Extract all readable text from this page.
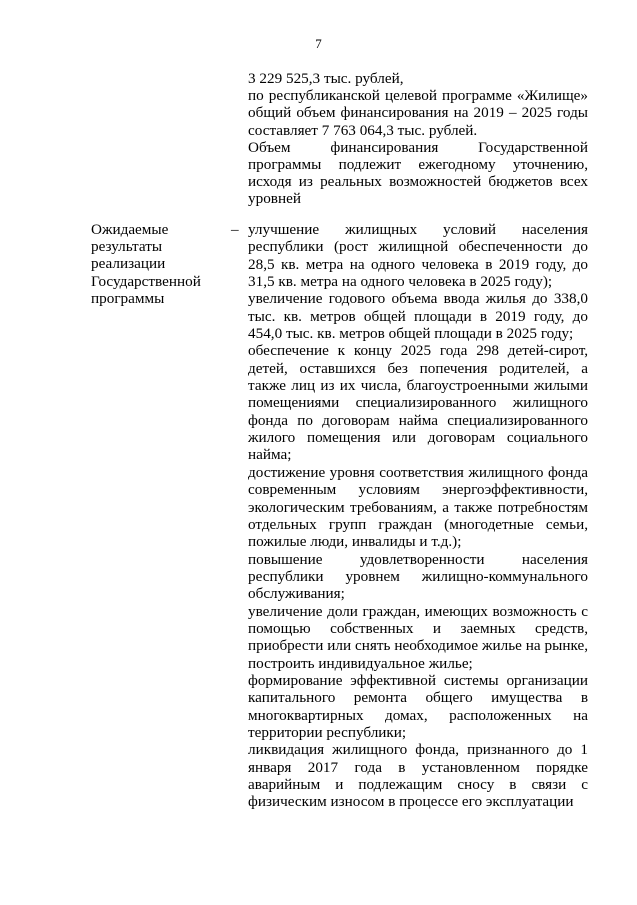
7

3 229 525,3 тыс. рублей,

по республиканской целевой программе «Жилище» общий объем финансирования на 2019 – 2025 годы составляет 7 763 064,3 тыс. рублей.

Объем финансирования Государственной программы подлежит ежегодному уточнению, исходя из реальных возможностей бюджетов всех уровней

Ожидаемые результаты реализации Государственной программы
– улучшение жилищных условий населения республики (рост жилищной обеспеченности до 28,5 кв. метра на одного человека в 2019 году, до 31,5 кв. метра на одного человека в 2025 году);

увеличение годового объема ввода жилья до 338,0 тыс. кв. метров общей площади в 2019 году, до 454,0 тыс. кв. метров общей площади в 2025 году;

обеспечение к концу 2025 года 298 детей-сирот, детей, оставшихся без попечения родителей, а также лиц из их числа, благоустроенными жилыми помещениями специализированного жилищного фонда по договорам найма специализированного жилого помещения или договорам социального найма;

достижение уровня соответствия жилищного фонда современным условиям энергоэффективности, экологическим требованиям, а также потребностям отдельных групп граждан (многодетные семьи, пожилые люди, инвалиды и т.д.);

повышение удовлетворенности населения республики уровнем жилищно-коммунального обслуживания;

увеличение доли граждан, имеющих возможность с помощью собственных и заемных средств, приобрести или снять необходимое жилье на рынке, построить индивидуальное жилье;

формирование эффективной системы организации капитального ремонта общего имущества в многоквартирных домах, расположенных на территории республики;

ликвидация жилищного фонда, признанного до 1 января 2017 года в установленном порядке аварийным и подлежащим сносу в связи с физическим износом в процессе его эксплуатации
